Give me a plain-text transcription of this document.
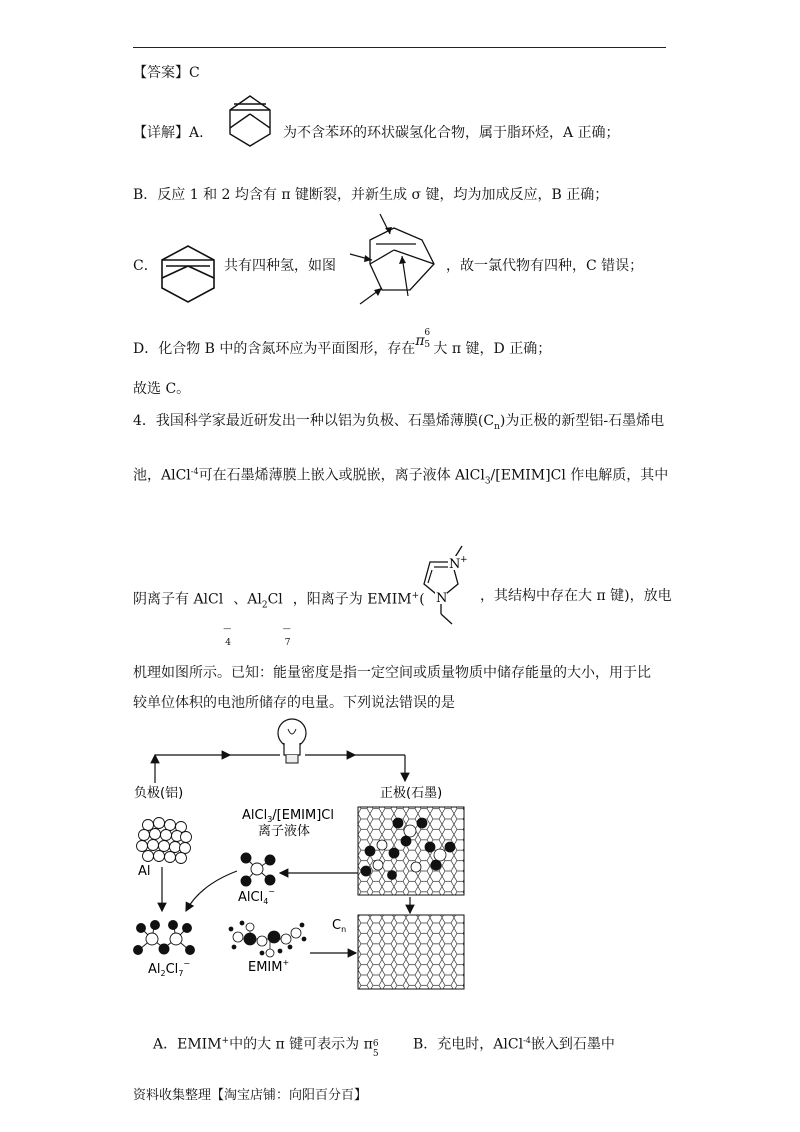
【答案】C
【详解】A.	为不含苯环的环状碳氢化合物，属于脂环烃，A 正确；
B．反应 1 和 2 均含有 π 键断裂，并新生成 σ 键，均为加成反应，B 正确；
C．	共有四种氢，如图	，故一氯代物有四种，C 错误；
D．化合物 B 中的含氮环应为平面图形，存在π 6
5 大 π 键，D 正确；
故选 C。
4．我国科学家最近研发出一种以铝为负极、石墨烯薄膜$(C_n)$为正极的新型铝-石墨烯电
池，AlCl$^{-4}$可在石墨烯薄膜上嵌入或脱嵌，离子液体 AlCl$_3$/[EMIM]Cl 作电解质，其中
阴离子有 AlCl
—
4
、$Al_2Cl$
—
7
，阳离子为 EMIM+(
N +
N ，其结构中存在大 π 键)，放电
机理如图所示。已知：能量密度是指一定空间或质量物质中储存能量的大小，用于比
较单位体积的电池所储存的电量。下列说法错误的是
负极(铝)	正极(石墨)
AlCl$_3$/[EMIM]Cl
离子液体
Al
AlCl$_4$−
$Al_2Cl_7^-$	EMIM+
$C_n$
A．EMIM+中的大 π 键可表示为 π 6
5
B．充电时，AlCl$^{-4}$嵌入到石墨中
资料收集整理【淘宝店铺：向阳百分百】
